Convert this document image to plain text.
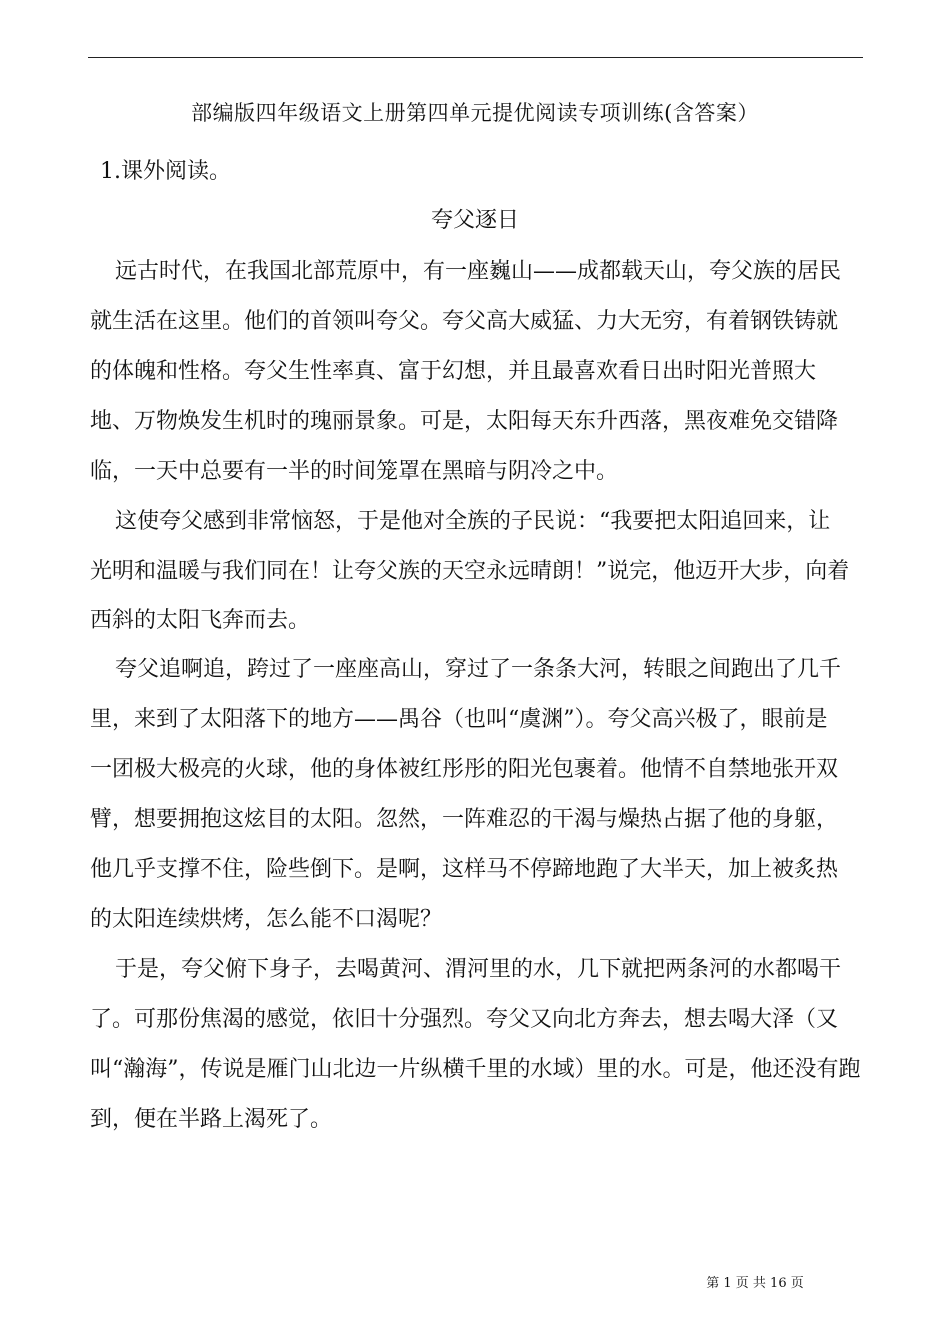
部编版四年级语文上册第四单元提优阅读专项训练(含答案）
1.课外阅读。
夸父逐日
远古时代，在我国北部荒原中，有一座巍山——成都载天山，夸父族的居民
就生活在这里。他们的首领叫夸父。夸父高大威猛、力大无穷，有着钢铁铸就
的体魄和性格。夸父生性率真、富于幻想，并且最喜欢看日出时阳光普照大
地、万物焕发生机时的瑰丽景象。可是，太阳每天东升西落，黑夜难免交错降
临，一天中总要有一半的时间笼罩在黑暗与阴冷之中。
这使夸父感到非常恼怒，于是他对全族的子民说：“我要把太阳追回来，让
光明和温暖与我们同在！让夸父族的天空永远晴朗！”说完，他迈开大步，向着
西斜的太阳飞奔而去。
夸父追啊追，跨过了一座座高山，穿过了一条条大河，转眼之间跑出了几千
里，来到了太阳落下的地方——禺谷（也叫“虞渊”）。夸父高兴极了，眼前是
一团极大极亮的火球，他的身体被红彤彤的阳光包裹着。他情不自禁地张开双
臂，想要拥抱这炫目的太阳。忽然，一阵难忍的干渴与燥热占据了他的身躯，
他几乎支撑不住，险些倒下。是啊，这样马不停蹄地跑了大半天，加上被炙热
的太阳连续烘烤，怎么能不口渴呢？
于是，夸父俯下身子，去喝黄河、渭河里的水，几下就把两条河的水都喝干
了。可那份焦渴的感觉，依旧十分强烈。夸父又向北方奔去，想去喝大泽（又
叫“瀚海”，传说是雁门山北边一片纵横千里的水域）里的水。可是，他还没有跑
到，便在半路上渴死了。
第 1 页 共 16 页
